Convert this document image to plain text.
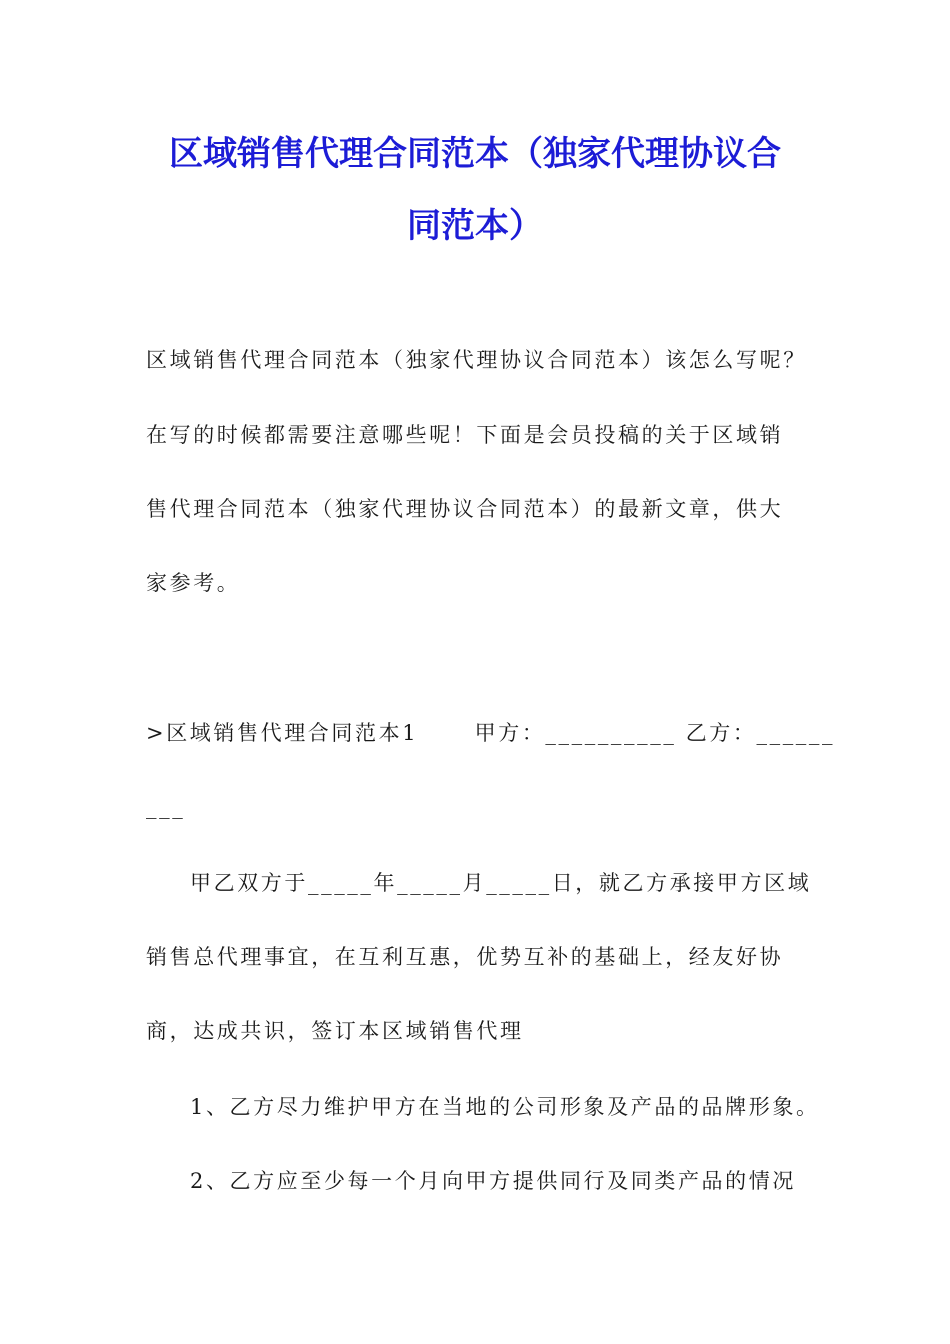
区域销售代理合同范本（独家代理协议合
同范本）
区域销售代理合同范本（独家代理协议合同范本）该怎么写呢？
在写的时候都需要注意哪些呢！下面是会员投稿的关于区域销
售代理合同范本（独家代理协议合同范本）的最新文章，供大
家参考。
>区域销售代理合同范本1　　 甲方：__________ 乙方：______
___
甲乙双方于_____年_____月_____日，就乙方承接甲方区域
销售总代理事宜，在互利互惠，优势互补的基础上，经友好协
商，达成共识，签订本区域销售代理
1、乙方尽力维护甲方在当地的公司形象及产品的品牌形象。
2、乙方应至少每一个月向甲方提供同行及同类产品的情况
